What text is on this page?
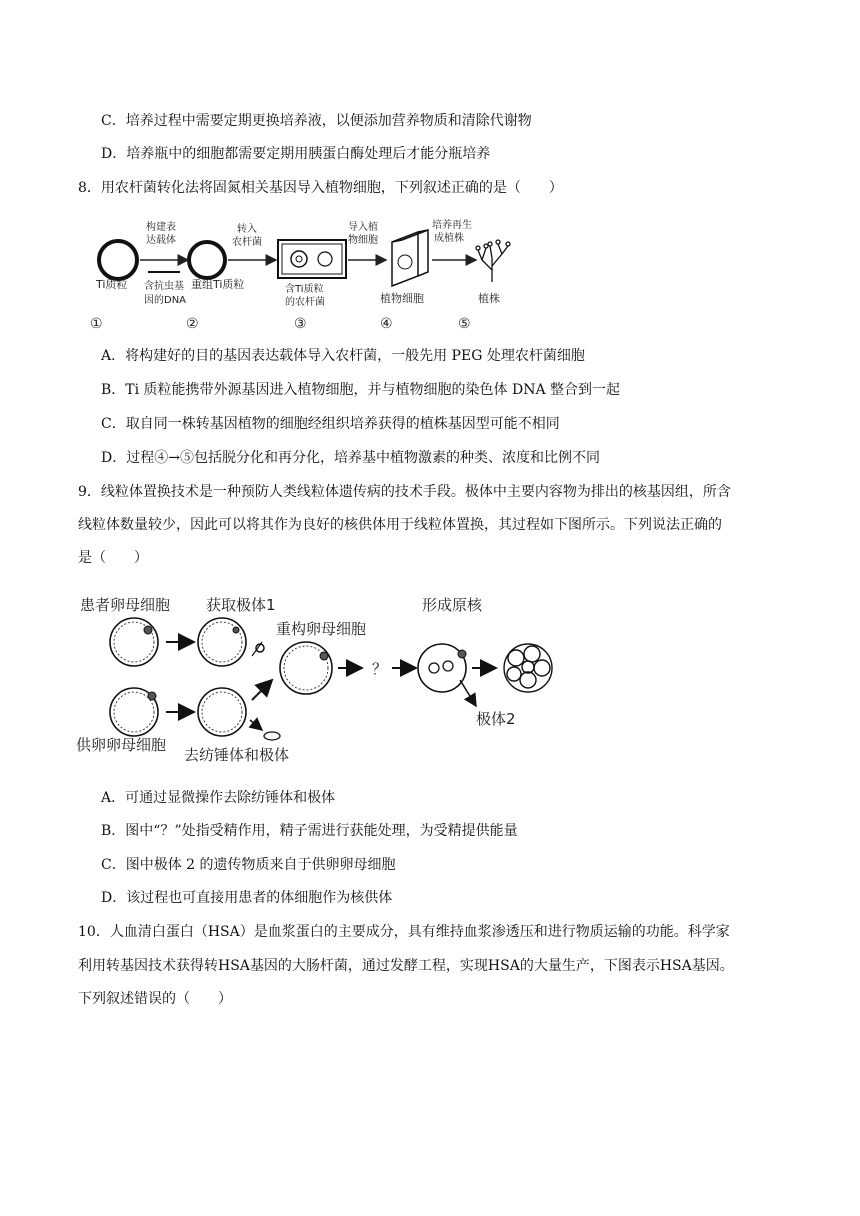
C．培养过程中需要定期更换培养液，以便添加营养物质和清除代谢物
D．培养瓶中的细胞都需要定期用胰蛋白酶处理后才能分瓶培养
8．用农杆菌转化法将固氮相关基因导入植物细胞，下列叙述正确的是（　　）
Ti质粒
构建表
达载体
含抗虫基
因的DNA
重组Ti质粒
转入
农杆菌
含Ti质粒
的农杆菌
导入植
物细胞
植物细胞
培养再生
成植株
植株
①	②	③	④	⑤
A．将构建好的目的基因表达载体导入农杆菌，一般先用 PEG 处理农杆菌细胞
B．Ti 质粒能携带外源基因进入植物细胞，并与植物细胞的染色体 DNA 整合到一起
C．取自同一株转基因植物的细胞经组织培养获得的植株基因型可能不相同
D．过程④→⑤包括脱分化和再分化，培养基中植物激素的种类、浓度和比例不同
9．线粒体置换技术是一种预防人类线粒体遗传病的技术手段。极体中主要内容物为排出的核基因组，所含
线粒体数量较少，因此可以将其作为良好的核供体用于线粒体置换，其过程如下图所示。下列说法正确的
是（　　）
患者卵母细胞 获取极体1
重构卵母细胞
形成原核
供卵卵母细胞
去纺锤体和极体
极体2
？
A．可通过显微操作去除纺锤体和极体
B．图中“？”处指受精作用，精子需进行获能处理，为受精提供能量
C．图中极体 2 的遗传物质来自于供卵卵母细胞
D．该过程也可直接用患者的体细胞作为核供体
10．人血清白蛋白（HSA）是血浆蛋白的主要成分，具有维持血浆渗透压和进行物质运输的功能。科学家
利用转基因技术获得转HSA基因的大肠杆菌，通过发酵工程，实现HSA的大量生产，下图表示HSA基因。
下列叙述错误的（　　）
